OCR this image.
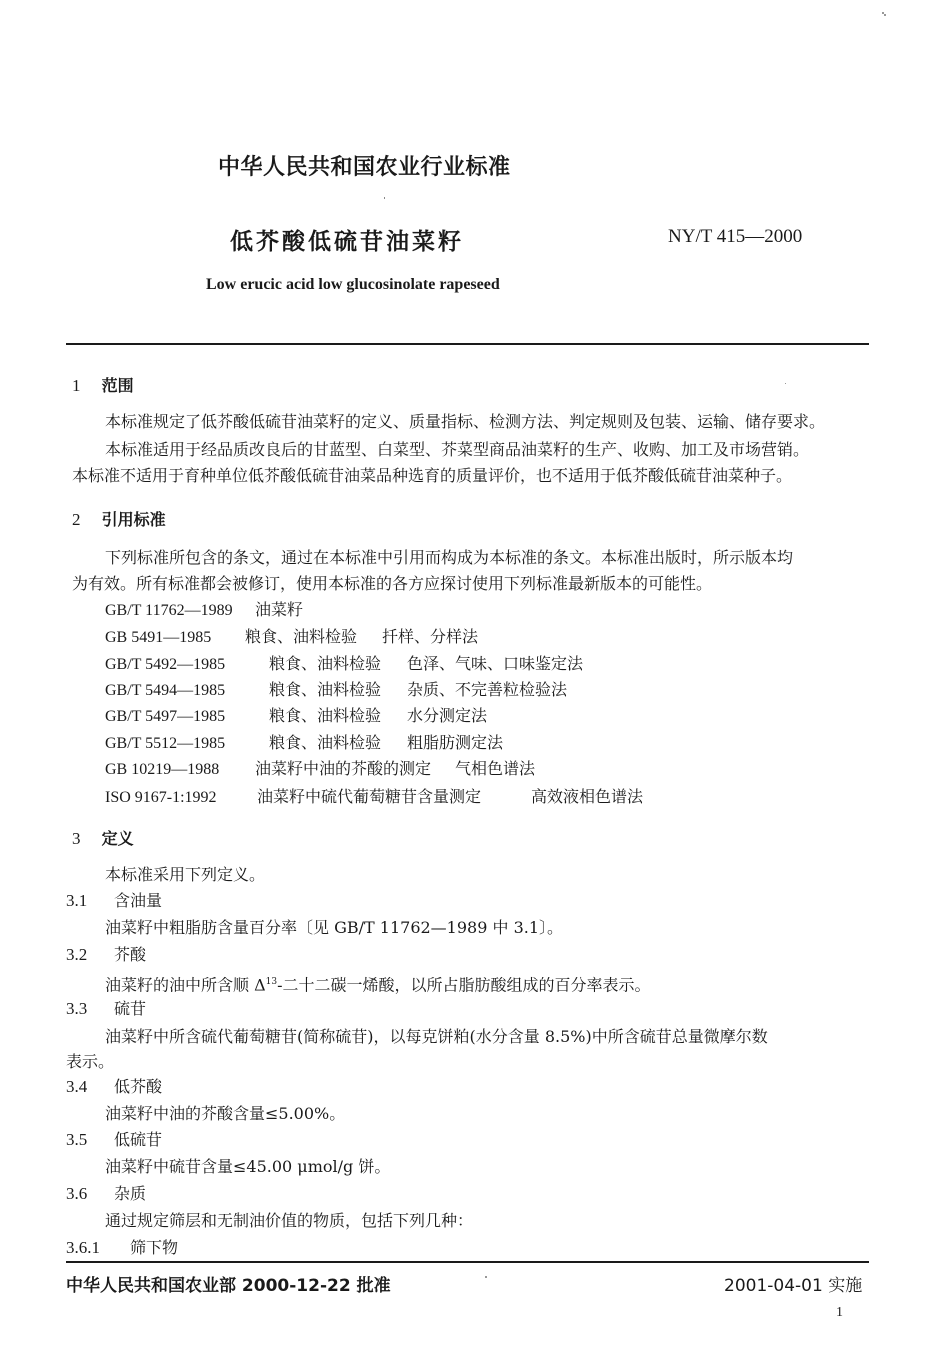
中华人民共和国农业行业标准
低芥酸低硫苷油菜籽	NY/T 415—2000
Low erucic acid low glucosinolate rapeseed
1 范围
本标准规定了低芥酸低硫苷油菜籽的定义、质量指标、检测方法、判定规则及包装、运输、储存要求。
本标准适用于经品质改良后的甘蓝型、白菜型、芥菜型商品油菜籽的生产、收购、加工及市场营销。
本标准不适用于育种单位低芥酸低硫苷油菜品种选育的质量评价，也不适用于低芥酸低硫苷油菜种子。
2 引用标准
下列标准所包含的条文，通过在本标准中引用而构成为本标准的条文。本标准出版时，所示版本均
为有效。所有标准都会被修订，使用本标准的各方应探讨使用下列标准最新版本的可能性。
GB/T 11762—1989 油菜籽
GB 5491—1985 粮食、油料检验 扦样、分样法
GB/T 5492—1985	粮食、油料检验 色泽、气味、口味鉴定法
GB/T 5494—1985	粮食、油料检验 杂质、不完善粒检验法
GB/T 5497—1985	粮食、油料检验 水分测定法
GB/T 5512—1985	粮食、油料检验 粗脂肪测定法
GB 10219—1988 油菜籽中油的芥酸的测定 气相色谱法
ISO 9167-1:1992	油菜籽中硫代葡萄糖苷含量测定	高效液相色谱法
3 定义
本标准采用下列定义。
3.1 含油量
油菜籽中粗脂肪含量百分率〔见 GB/T 11762—1989 中 3.1〕。
3.2 芥酸
油菜籽的油中所含顺 $\Delta^{13}-$二十二碳一烯酸，以所占脂肪酸组成的百分率表示。
3.3 硫苷
油菜籽中所含硫代葡萄糖苷(简称硫苷)，以每克饼粕(水分含量 8.5%)中所含硫苷总量微摩尔数
表示。
3.4 低芥酸
油菜籽中油的芥酸含量≤5.00%。
3.5 低硫苷
油菜籽中硫苷含量≤45.00 μmol/g 饼。
3.6 杂质
通过规定筛层和无制油价值的物质，包括下列几种：
3.6.1 筛下物
中华人民共和国农业部 2000-12-22 批准	2001-04-01 实施
1
